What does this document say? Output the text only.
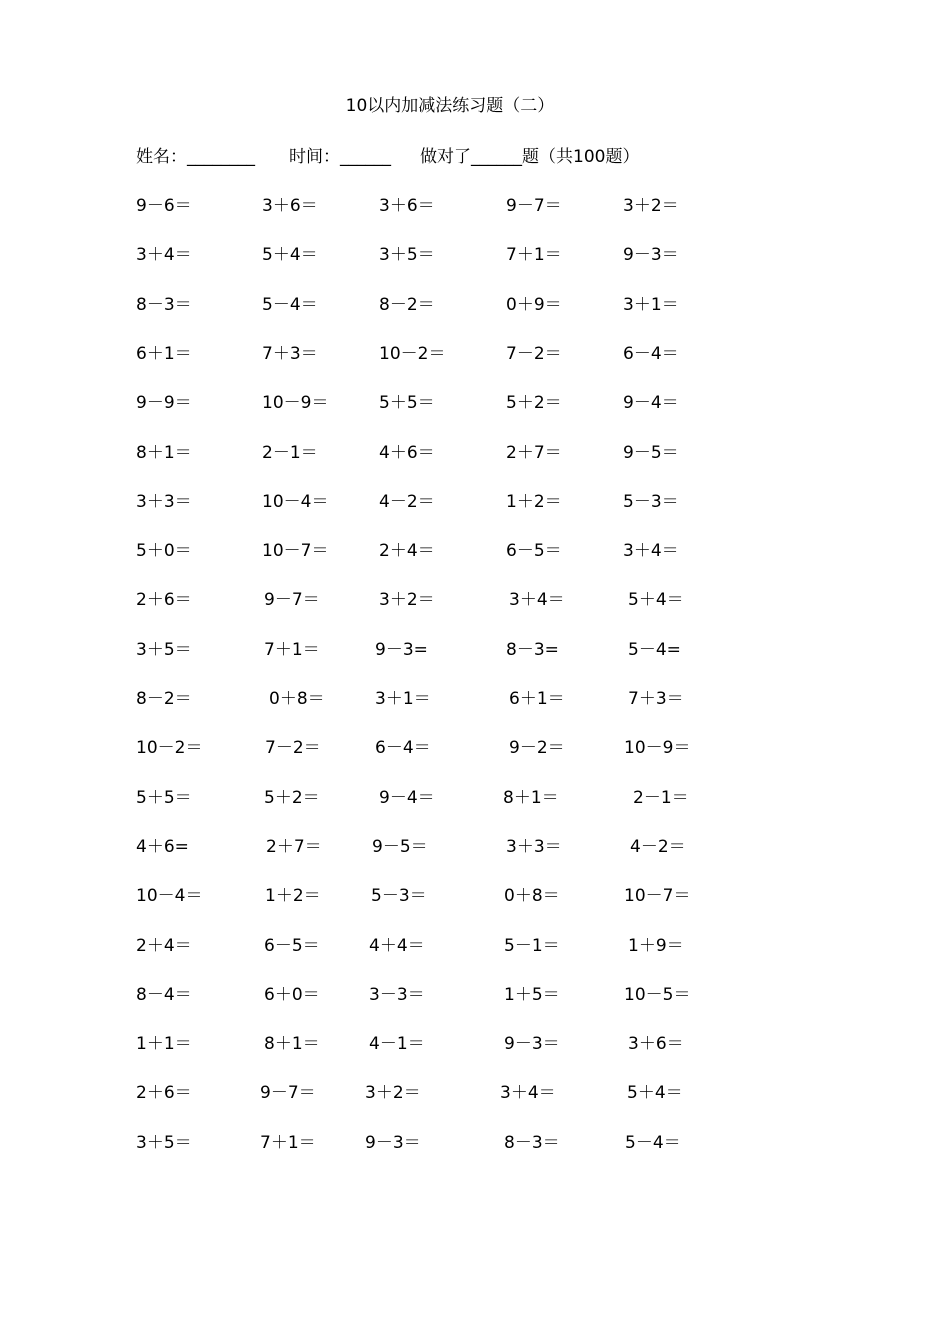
10以内加减法练习题（二）
姓名：________ 时间：______ 做对了______题（共100题）
9－6＝	3＋6＝	3＋6＝	9－7＝	3＋2＝
3＋4＝	5＋4＝	3＋5＝	7＋1＝	9－3＝
8－3＝	5－4＝	8－2＝	0＋9＝	3＋1＝
6＋1＝	7＋3＝	10－2＝	7－2＝	6－4＝
9－9＝	10－9＝	5＋5＝	5＋2＝	9－4＝
8＋1＝	2－1＝	4＋6＝	2＋7＝	9－5＝
3＋3＝	10－4＝	4－2＝	1＋2＝	5－3＝
5＋0＝	10－7＝	2＋4＝	6－5＝	3＋4＝
2＋6＝	9－7＝	3＋2＝	3＋4＝	5＋4＝
3＋5＝	7＋1＝	9－3=	8－3=	5－4=
8－2＝	0＋8＝	3＋1＝	6＋1＝	7＋3＝
10－2＝	7－2＝	6－4＝	9－2＝	10－9＝
5＋5＝	5＋2＝	9－4＝	8＋1＝	2－1＝
4＋6=	2＋7＝	9－5＝	3＋3＝	4－2＝
10－4＝	1＋2＝	5－3＝	0＋8＝	10－7＝
2＋4＝	6－5＝	4＋4＝	5－1＝	1＋9＝
8－4＝	6＋0＝	3－3＝	1＋5＝	10－5＝
1＋1＝	8＋1＝	4－1＝	9－3＝	3＋6＝
2＋6＝	9－7＝	3＋2＝	3＋4＝	5＋4＝
3＋5＝	7＋1＝	9－3＝	8－3＝	5－4＝
